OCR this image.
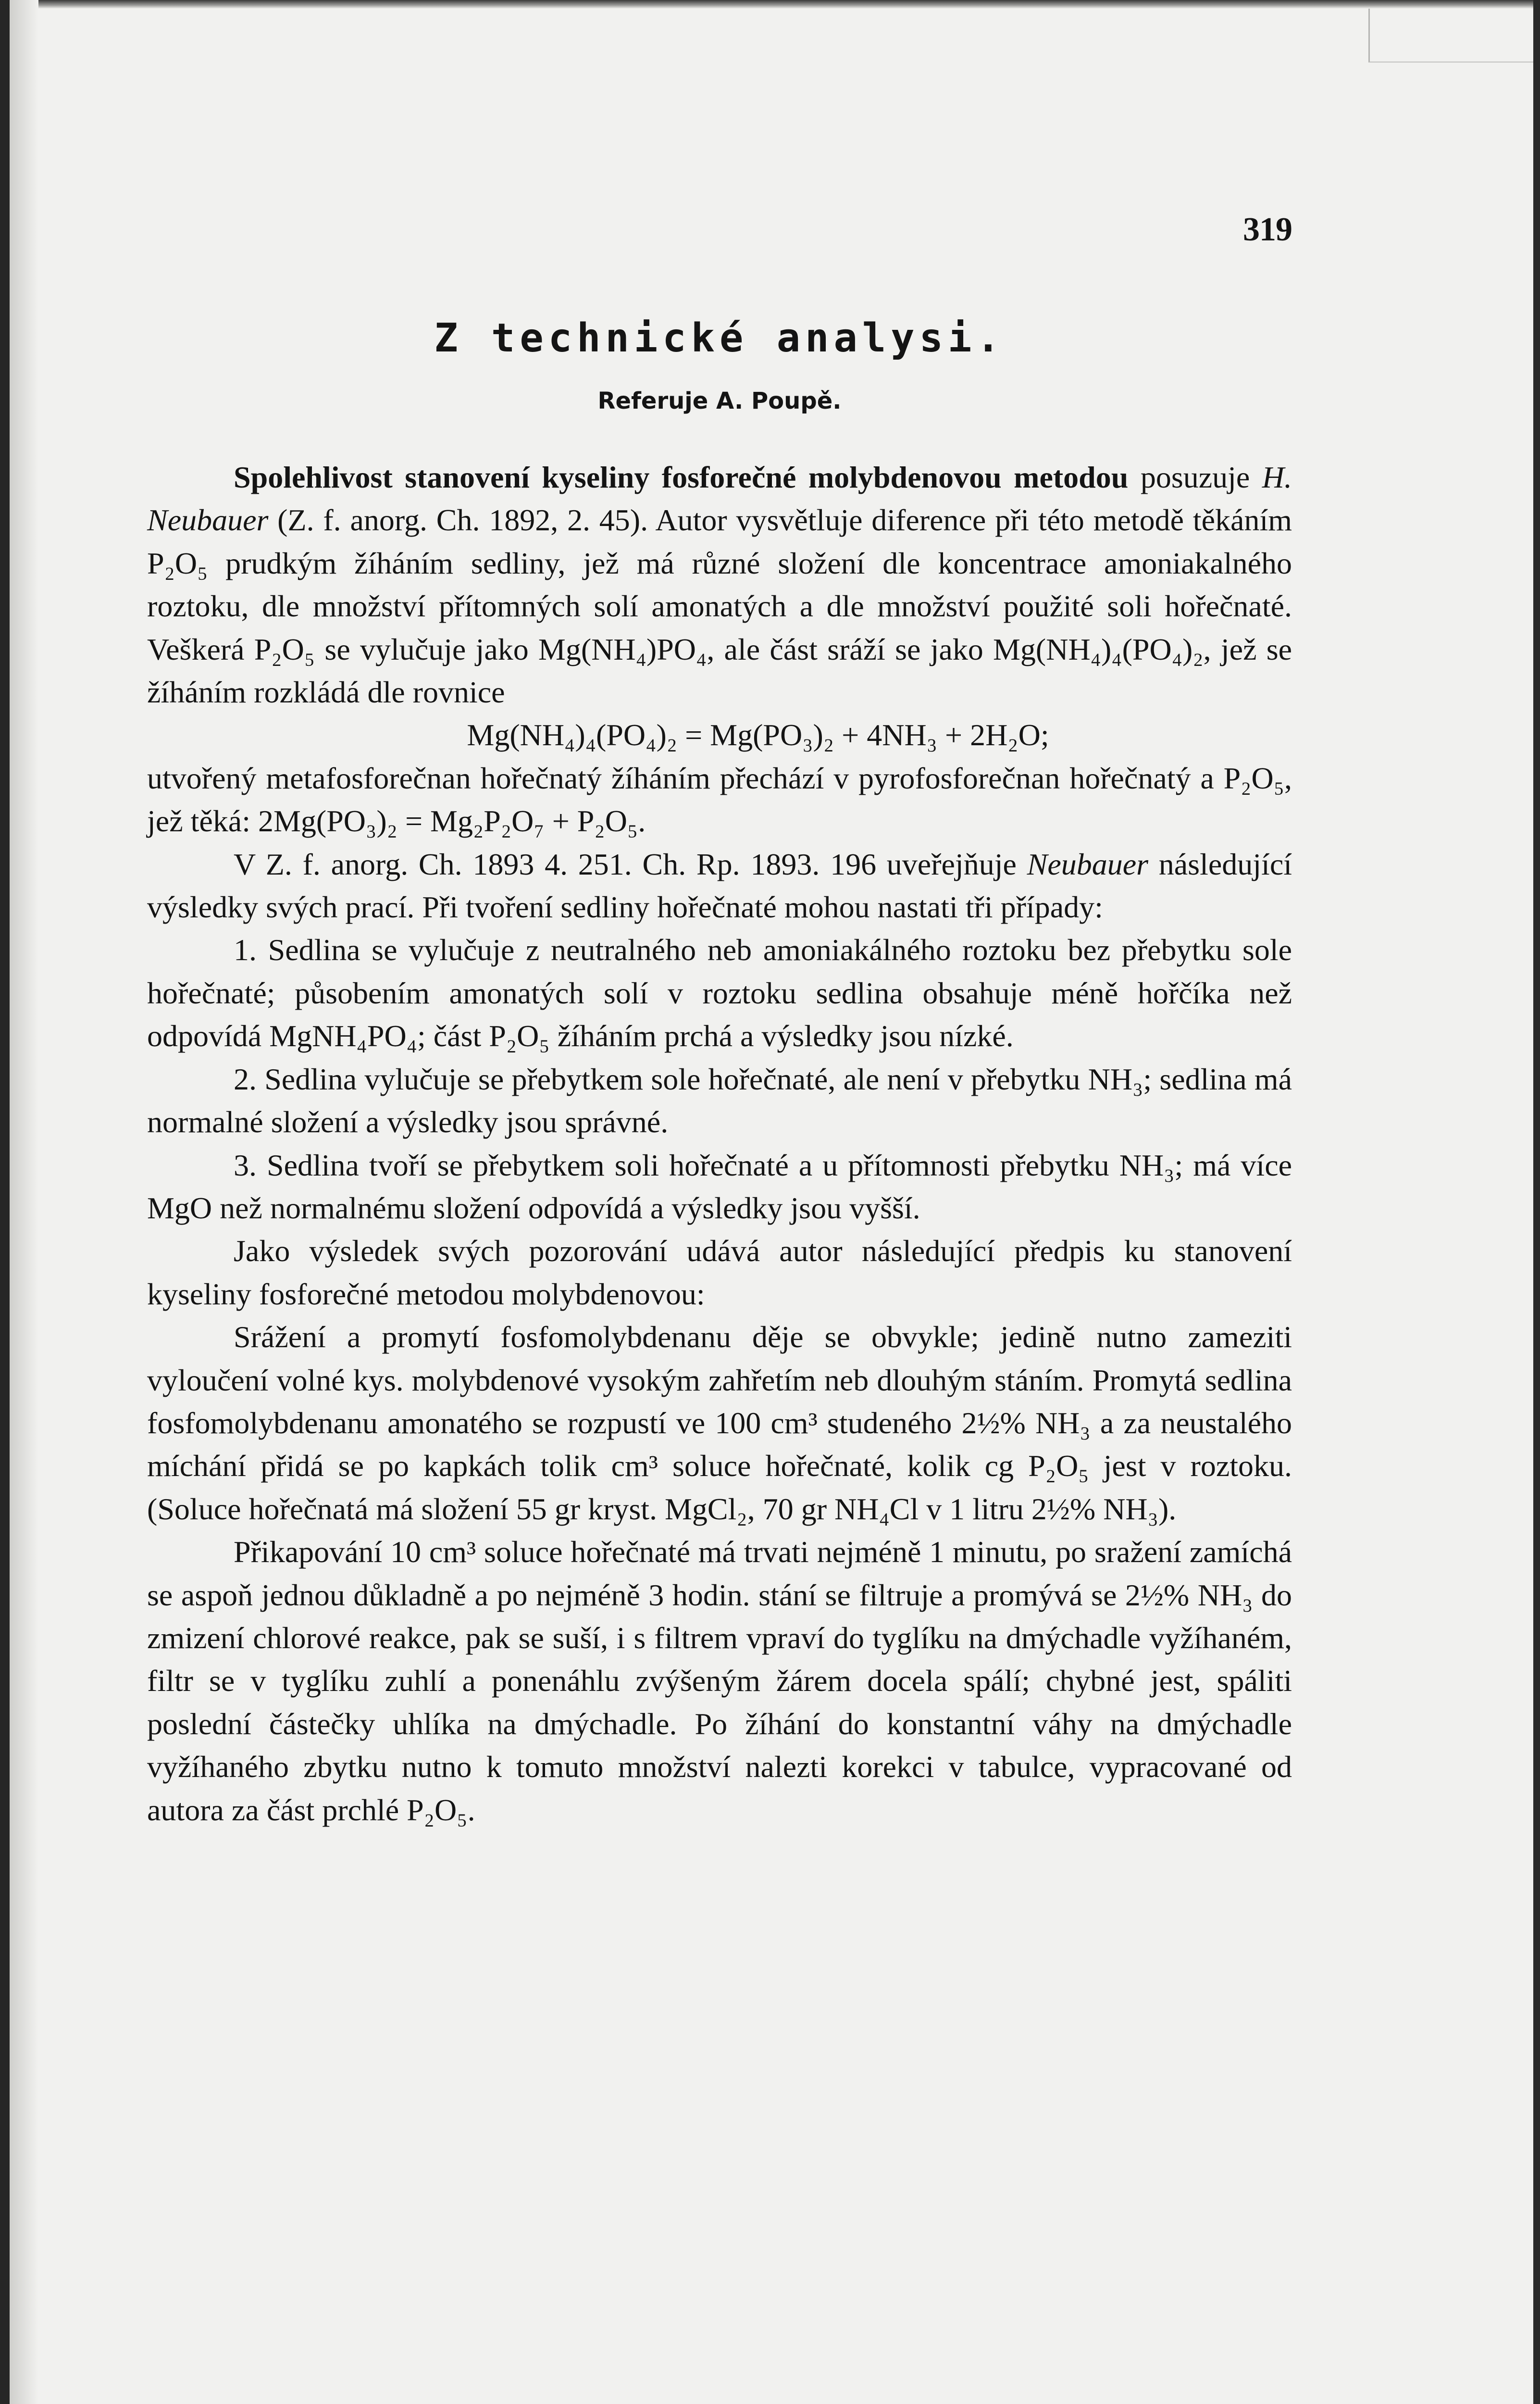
319
Z technické analysi.
Referuje A. Poupě.

Spolehlivost stanovení kyseliny fosforečné molybdenovou metodou posuzuje H. Neubauer (Z. f. anorg. Ch. 1892, 2. 45). Autor vysvětluje diference při této metodě těkáním P₂O₅ prudkým žíháním sedliny, jež má různé složení dle koncentrace amoniakalného roztoku, dle množství přítomných solí amonatých a dle množství použité soli hořečnaté. Veškerá P₂O₅ se vylučuje jako Mg(NH₄)PO₄, ale část sráží se jako Mg(NH₄)₄(PO₄)₂, jež se žíháním rozkládá dle rovnice

Mg(NH₄)₄(PO₄)₂ = Mg(PO₃)₂ + 4NH₃ + 2H₂O;

utvořený metafosforečnan hořečnatý žíháním přechází v pyrofosforečnan hořečnatý a P₂O₅, jež těká: 2Mg(PO₃)₂ = Mg₂P₂O₇ + P₂O₅.

V Z. f. anorg. Ch. 1893 4. 251. Ch. Rp. 1893. 196 uveřejňuje Neubauer následující výsledky svých prací. Při tvoření sedliny hořečnaté mohou nastati tři případy:

1. Sedlina se vylučuje z neutralného neb amoniakálného roztoku bez přebytku sole hořečnaté; působením amonatých solí v roztoku sedlina obsahuje méně hořčíka než odpovídá MgNH₄PO₄; část P₂O₅ žíháním prchá a výsledky jsou nízké.

2. Sedlina vylučuje se přebytkem sole hořečnaté, ale není v přebytku NH₃; sedlina má normalné složení a výsledky jsou správné.

3. Sedlina tvoří se přebytkem soli hořečnaté a u přítomnosti přebytku NH₃; má více MgO než normalnému složení odpovídá a výsledky jsou vyšší.

Jako výsledek svých pozorování udává autor následující předpis ku stanovení kyseliny fosforečné metodou molybdenovou:

Srážení a promytí fosfomolybdenanu děje se obvykle; jedině nutno zameziti vyloučení volné kys. molybdenové vysokým zahřetím neb dlouhým stáním. Promytá sedlina fosfomolybdenanu amonatého se rozpustí ve 100 cm³ studeného 2½% NH₃ a za neustalého míchání přidá se po kapkách tolik cm³ soluce hořečnaté, kolik cg P₂O₅ jest v roztoku. (Soluce hořečnatá má složení 55 gr kryst. MgCl₂, 70 gr NH₄Cl v 1 litru 2½% NH₃).

Přikapování 10 cm³ soluce hořečnaté má trvati nejméně 1 minutu, po sražení zamíchá se aspoň jednou důkladně a po nejméně 3 hodin. stání se filtruje a promývá se 2½% NH₃ do zmizení chlorové reakce, pak se suší, i s filtrem vpraví do tyglíku na dmýchadle vyžíhaném, filtr se v tyglíku zuhlí a ponenáhlu zvýšeným žárem docela spálí; chybné jest, spáliti poslední částečky uhlíka na dmýchadle. Po žíhání do konstantní váhy na dmýchadle vyžíhaného zbytku nutno k tomuto množství nalezti korekci v tabulce, vypracované od autora za část prchlé P₂O₅.
